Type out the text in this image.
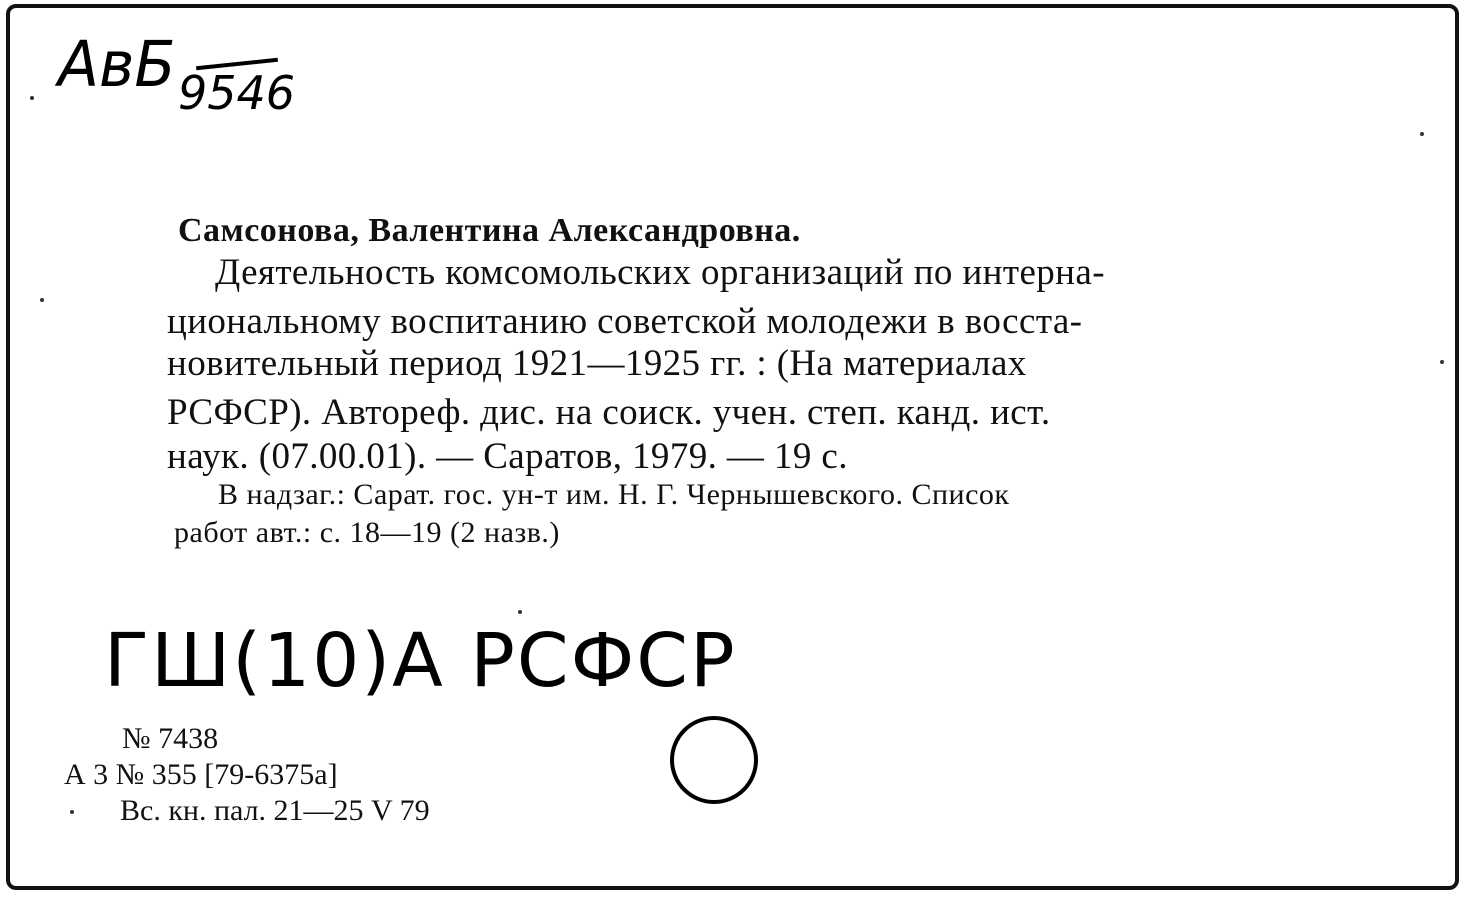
АвБ 9546
Самсонова, Валентина Александровна.
Деятельность комсомольских организаций по интерна-
циональному воспитанию советской молодежи в восста-
новительный период 1921—1925 гг. : (На материалах
РСФСР). Автореф. дис. на соиск. учен. степ. канд. ист.
наук. (07.00.01). — Саратов, 1979. — 19 с.
В надзаг.: Сарат. гос. ун-т им. Н. Г. Чернышевского. Список
работ авт.: с. 18—19 (2 назв.)
ГШ(10)А РСФСР
№ 7438
А 3 № 355 [79-6375а]
Вс. кн. пал. 21—25 V 79
